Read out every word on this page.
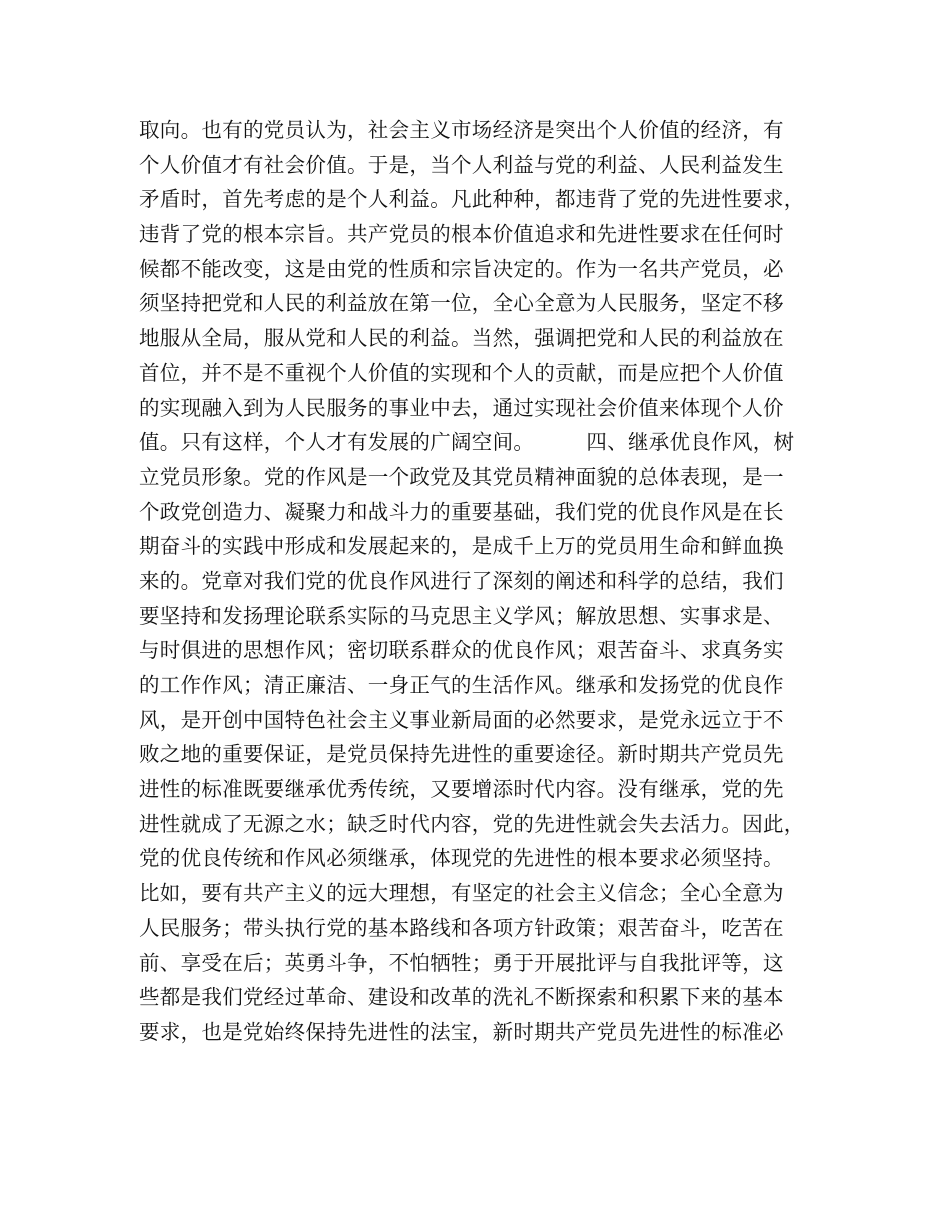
取向。也有的党员认为，社会主义市场经济是突出个人价值的经济，有
个人价值才有社会价值。于是，当个人利益与党的利益、人民利益发生
矛盾时，首先考虑的是个人利益。凡此种种，都违背了党的先进性要求，
违背了党的根本宗旨。共产党员的根本价值追求和先进性要求在任何时
候都不能改变，这是由党的性质和宗旨决定的。作为一名共产党员，必
须坚持把党和人民的利益放在第一位，全心全意为人民服务，坚定不移
地服从全局，服从党和人民的利益。当然，强调把党和人民的利益放在
首位，并不是不重视个人价值的实现和个人的贡献，而是应把个人价值
的实现融入到为人民服务的事业中去，通过实现社会价值来体现个人价
值。只有这样，个人才有发展的广阔空间。　　　四、继承优良作风，树
立党员形象。党的作风是一个政党及其党员精神面貌的总体表现，是一
个政党创造力、凝聚力和战斗力的重要基础，我们党的优良作风是在长
期奋斗的实践中形成和发展起来的，是成千上万的党员用生命和鲜血换
来的。党章对我们党的优良作风进行了深刻的阐述和科学的总结，我们
要坚持和发扬理论联系实际的马克思主义学风；解放思想、实事求是、
与时俱进的思想作风；密切联系群众的优良作风；艰苦奋斗、求真务实
的工作作风；清正廉洁、一身正气的生活作风。继承和发扬党的优良作
风，是开创中国特色社会主义事业新局面的必然要求，是党永远立于不
败之地的重要保证，是党员保持先进性的重要途径。新时期共产党员先
进性的标准既要继承优秀传统，又要增添时代内容。没有继承，党的先
进性就成了无源之水；缺乏时代内容，党的先进性就会失去活力。因此，
党的优良传统和作风必须继承，体现党的先进性的根本要求必须坚持。
比如，要有共产主义的远大理想，有坚定的社会主义信念；全心全意为
人民服务；带头执行党的基本路线和各项方针政策；艰苦奋斗，吃苦在
前、享受在后；英勇斗争，不怕牺牲；勇于开展批评与自我批评等，这
些都是我们党经过革命、建设和改革的洗礼不断探索和积累下来的基本
要求，也是党始终保持先进性的法宝，新时期共产党员先进性的标准必
